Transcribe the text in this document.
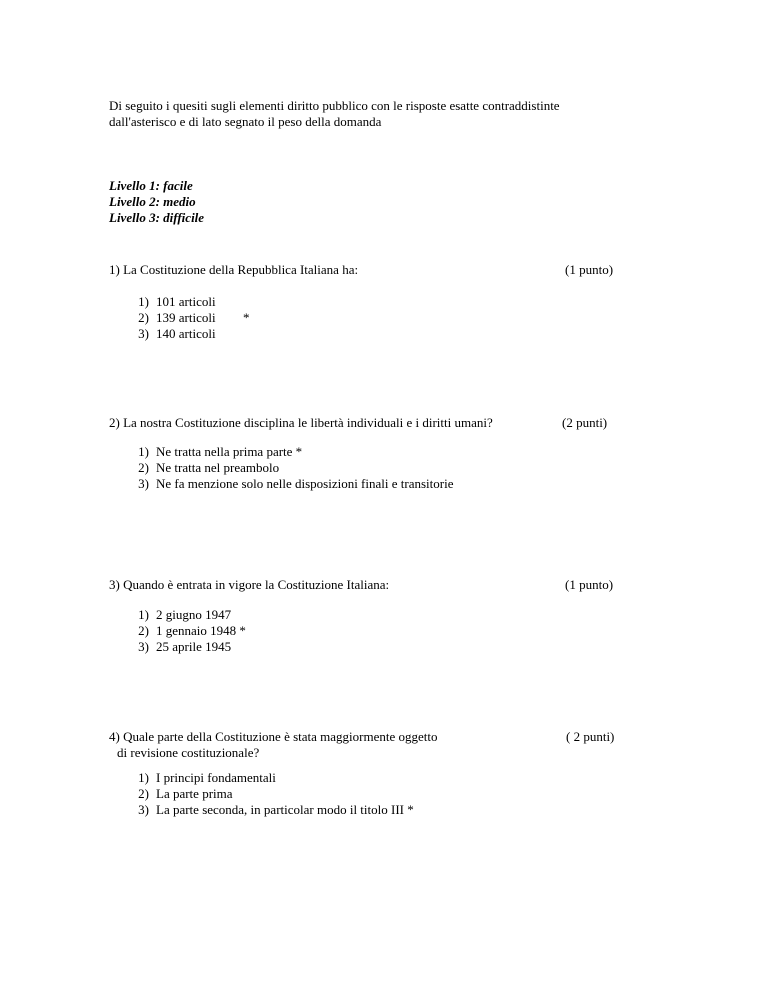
Di seguito i quesiti sugli elementi diritto pubblico con le risposte esatte contraddistinte
dall'asterisco e di lato segnato il peso della domanda
Livello 1: facile
Livello 2: medio
Livello 3: difficile
1) La Costituzione della Repubblica Italiana ha:	(1 punto)
1) 101 articoli
2) 139 articoli *
3) 140 articoli
2) La nostra Costituzione disciplina le libertà individuali e i diritti umani?	(2 punti)
1) Ne tratta nella prima parte *
2) Ne tratta nel preambolo
3) Ne fa menzione solo nelle disposizioni finali e transitorie
3) Quando è entrata in vigore la Costituzione Italiana:	(1 punto)
1) 2 giugno 1947
2) 1 gennaio 1948 *
3) 25 aprile 1945
4) Quale parte della Costituzione è stata maggiormente oggetto
di revisione costituzionale?
( 2 punti)
1) I principi fondamentali
2) La parte prima
3) La parte seconda, in particolar modo il titolo III *
